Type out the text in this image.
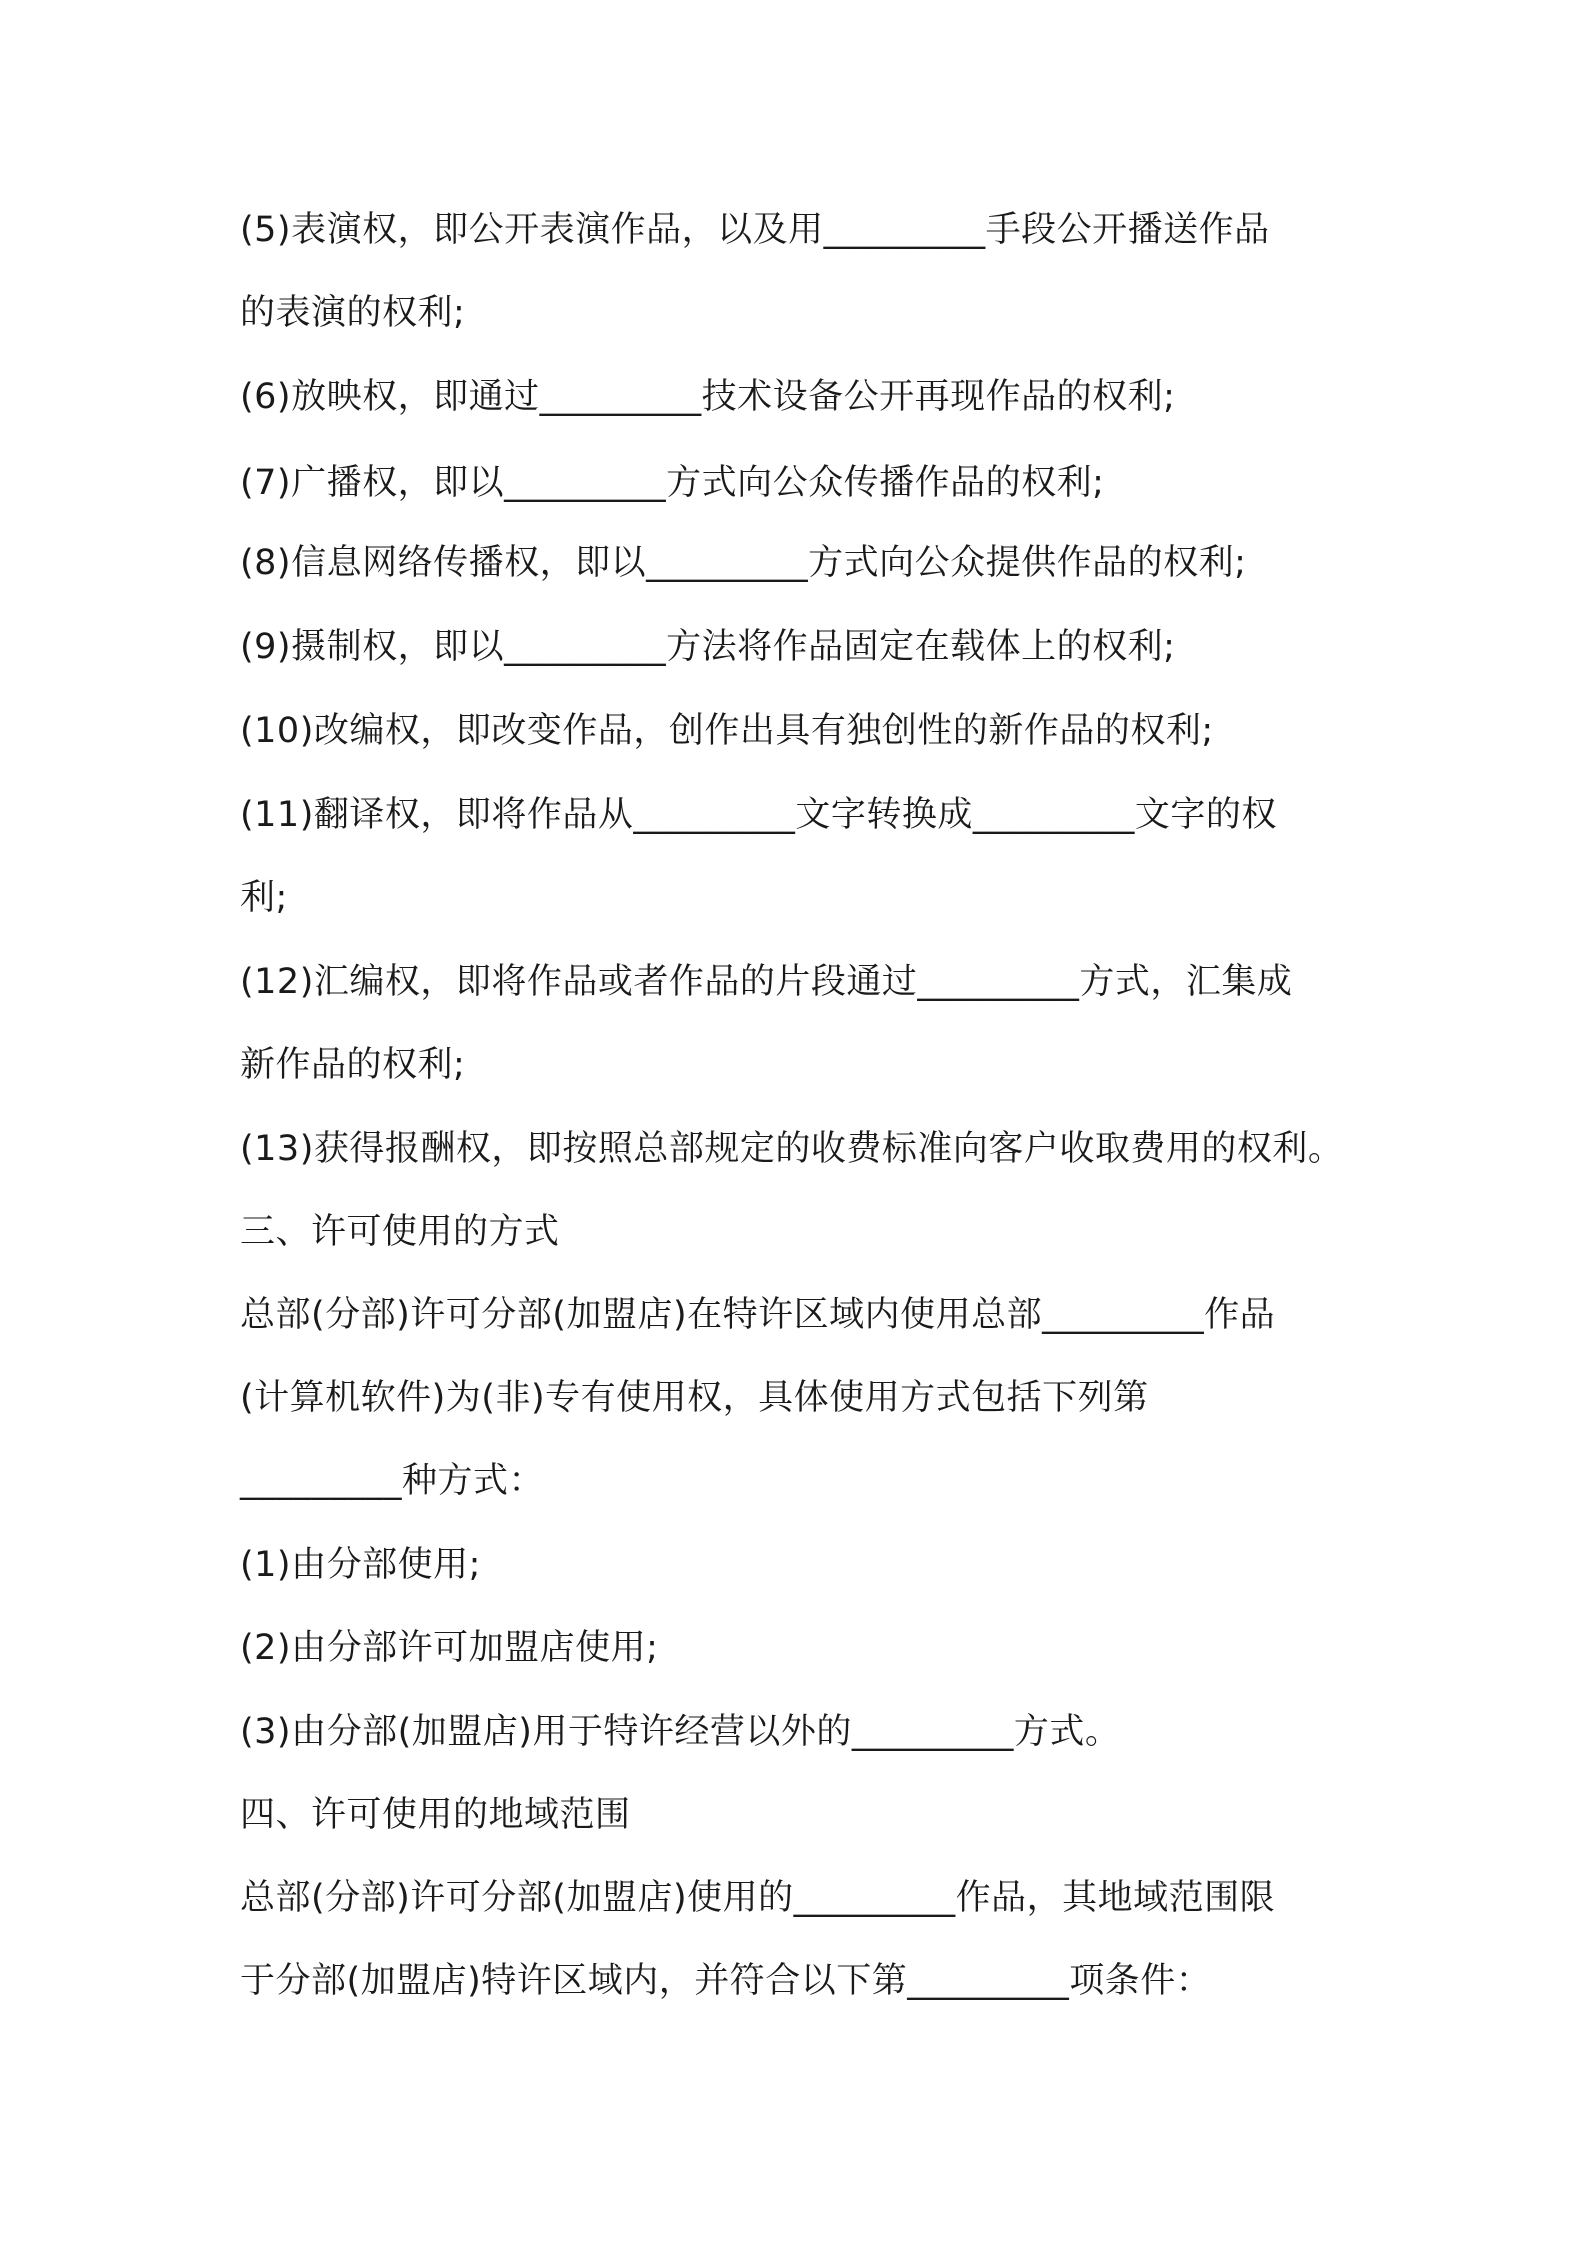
(5)表演权，即公开表演作品，以及用_________手段公开播送作品
的表演的权利;
(6)放映权，即通过_________技术设备公开再现作品的权利;
(7)广播权，即以_________方式向公众传播作品的权利;
(8)信息网络传播权，即以_________方式向公众提供作品的权利;
(9)摄制权，即以_________方法将作品固定在载体上的权利;
(10)改编权，即改变作品，创作出具有独创性的新作品的权利;
(11)翻译权，即将作品从_________文字转换成_________文字的权
利;
(12)汇编权，即将作品或者作品的片段通过_________方式，汇集成
新作品的权利;
(13)获得报酬权，即按照总部规定的收费标准向客户收取费用的权利。
三、许可使用的方式
总部(分部)许可分部(加盟店)在特许区域内使用总部_________作品
(计算机软件)为(非)专有使用权，具体使用方式包括下列第
_________种方式：
(1)由分部使用;
(2)由分部许可加盟店使用;
(3)由分部(加盟店)用于特许经营以外的_________方式。
四、许可使用的地域范围
总部(分部)许可分部(加盟店)使用的_________作品，其地域范围限
于分部(加盟店)特许区域内，并符合以下第_________项条件：
